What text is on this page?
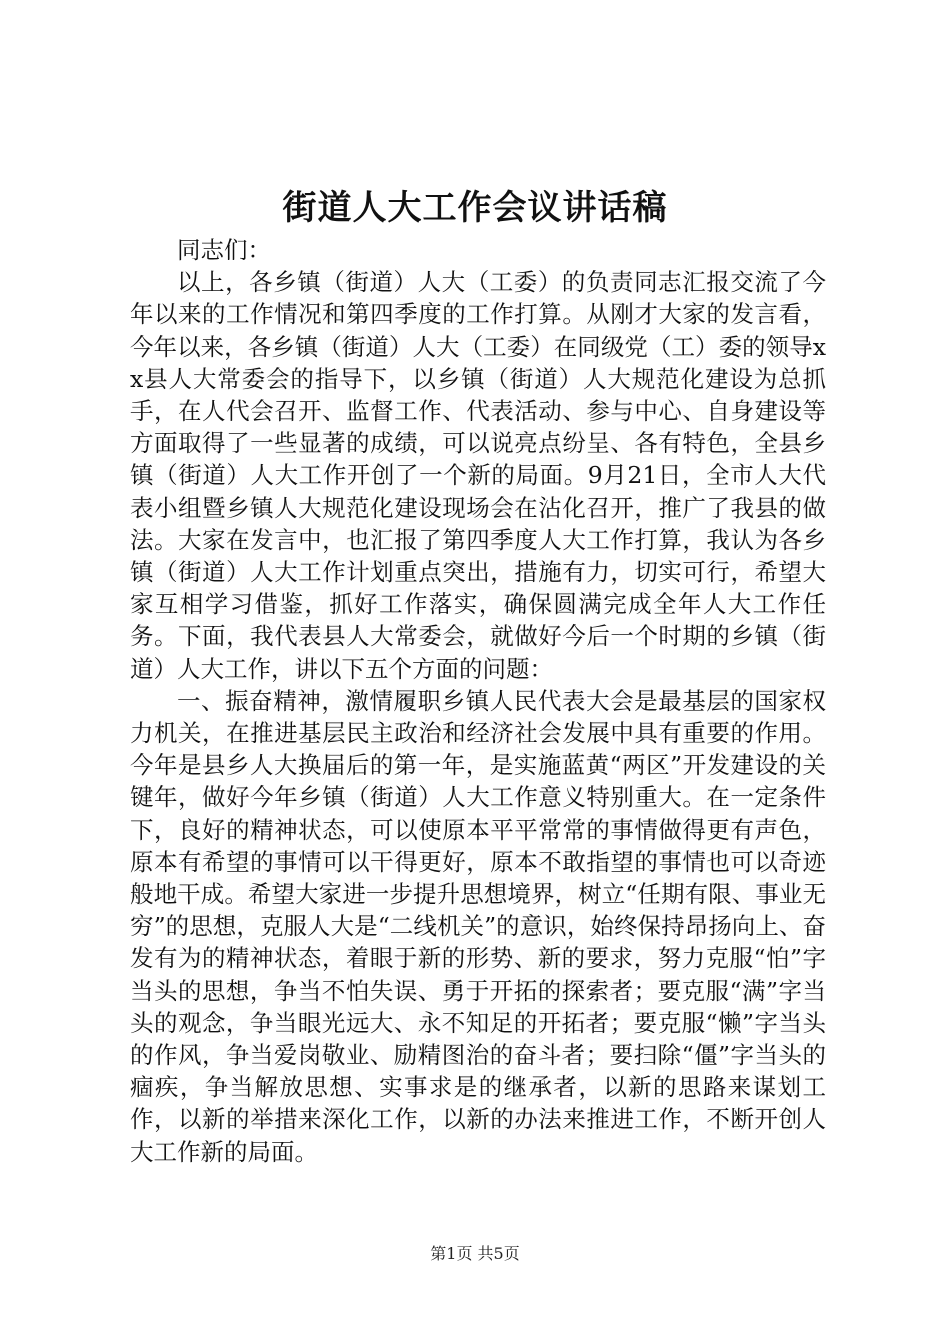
街道人大工作会议讲话稿

同志们：

以上，各乡镇（街道）人大（工委）的负责同志汇报交流了今年以来的工作情况和第四季度的工作打算。从刚才大家的发言看，今年以来，各乡镇（街道）人大（工委）在同级党（工）委的领导xx县人大常委会的指导下，以乡镇（街道）人大规范化建设为总抓手，在人代会召开、监督工作、代表活动、参与中心、自身建设等方面取得了一些显著的成绩，可以说亮点纷呈、各有特色，全县乡镇（街道）人大工作开创了一个新的局面。9月21日，全市人大代表小组暨乡镇人大规范化建设现场会在沾化召开，推广了我县的做法。大家在发言中，也汇报了第四季度人大工作打算，我认为各乡镇（街道）人大工作计划重点突出，措施有力，切实可行，希望大家互相学习借鉴，抓好工作落实，确保圆满完成全年人大工作任务。下面，我代表县人大常委会，就做好今后一个时期的乡镇（街道）人大工作，讲以下五个方面的问题：

一、振奋精神，激情履职乡镇人民代表大会是最基层的国家权力机关，在推进基层民主政治和经济社会发展中具有重要的作用。今年是县乡人大换届后的第一年，是实施蓝黄“两区”开发建设的关键年，做好今年乡镇（街道）人大工作意义特别重大。在一定条件下，良好的精神状态，可以使原本平平常常的事情做得更有声色，原本有希望的事情可以干得更好，原本不敢指望的事情也可以奇迹般地干成。希望大家进一步提升思想境界，树立“任期有限、事业无穷”的思想，克服人大是“二线机关”的意识，始终保持昂扬向上、奋发有为的精神状态，着眼于新的形势、新的要求，努力克服“怕”字当头的思想，争当不怕失误、勇于开拓的探索者；要克服“满”字当头的观念，争当眼光远大、永不知足的开拓者；要克服“懒”字当头的作风，争当爱岗敬业、励精图治的奋斗者；要扫除“僵”字当头的痼疾，争当解放思想、实事求是的继承者，以新的思路来谋划工作，以新的举措来深化工作，以新的办法来推进工作，不断开创人大工作新的局面。

第1页 共5页
